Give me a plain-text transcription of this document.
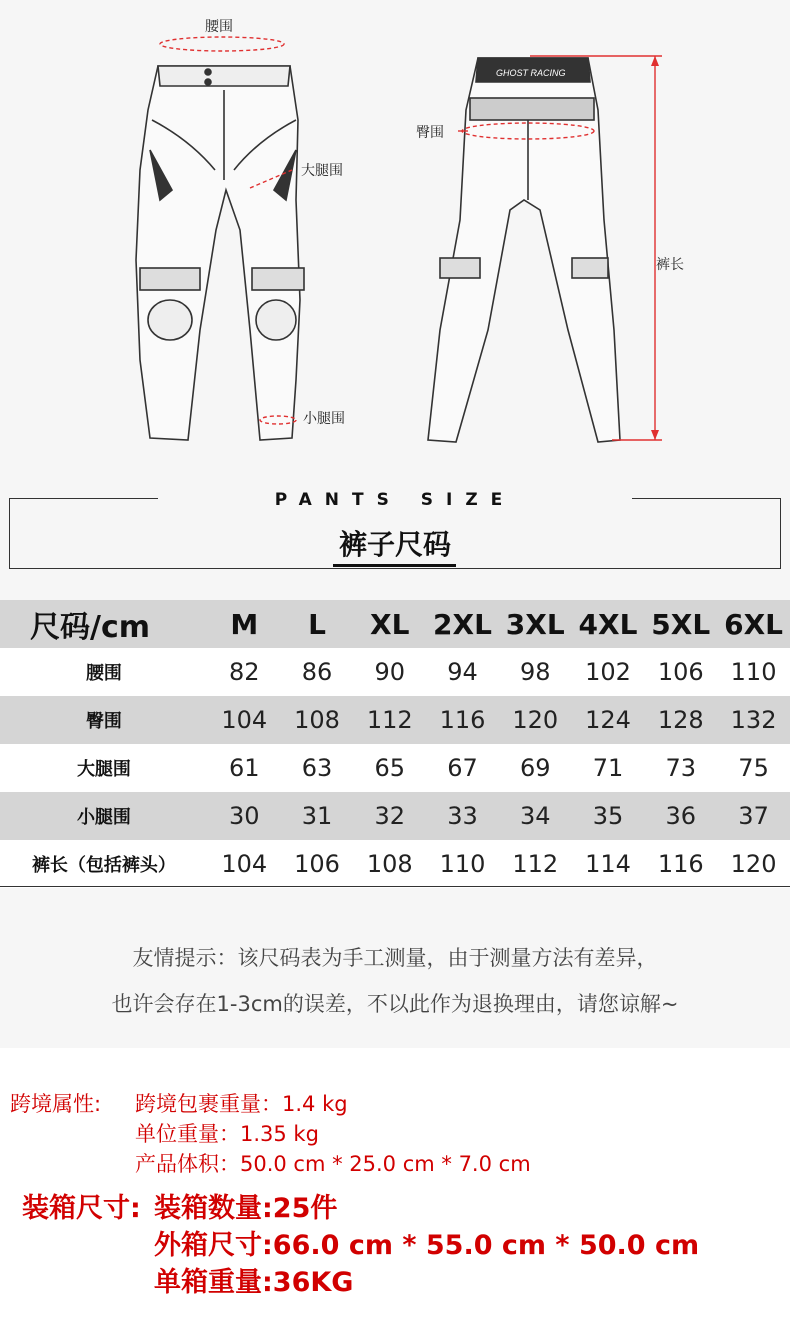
GHOST RACING
腰围
大腿围
小腿围
臀围
裤长
PANTS SIZE
裤子尺码
尺码/cm	M	L	XL	2XL	3XL	4XL	5XL	6XL
腰围	82	86	90	94	98	102	106	110
臀围	104	108	112	116	120	124	128	132
大腿围	61	63	65	67	69	71	73	75
小腿围	30	31	32	33	34	35	36	37
裤长（包括裤头）	104	106	108	110	112	114	116	120
友情提示：该尺码表为手工测量，由于测量方法有差异，
也许会存在1-3cm的误差，不以此作为退换理由，请您谅解~
跨境属性: 跨境包裹重量：1.4 kg
单位重量：1.35 kg
产品体积：50.0 cm * 25.0 cm * 7.0 cm
装箱尺寸: 装箱数量:25件
外箱尺寸:66.0 cm * 55.0 cm * 50.0 cm
单箱重量:36KG
